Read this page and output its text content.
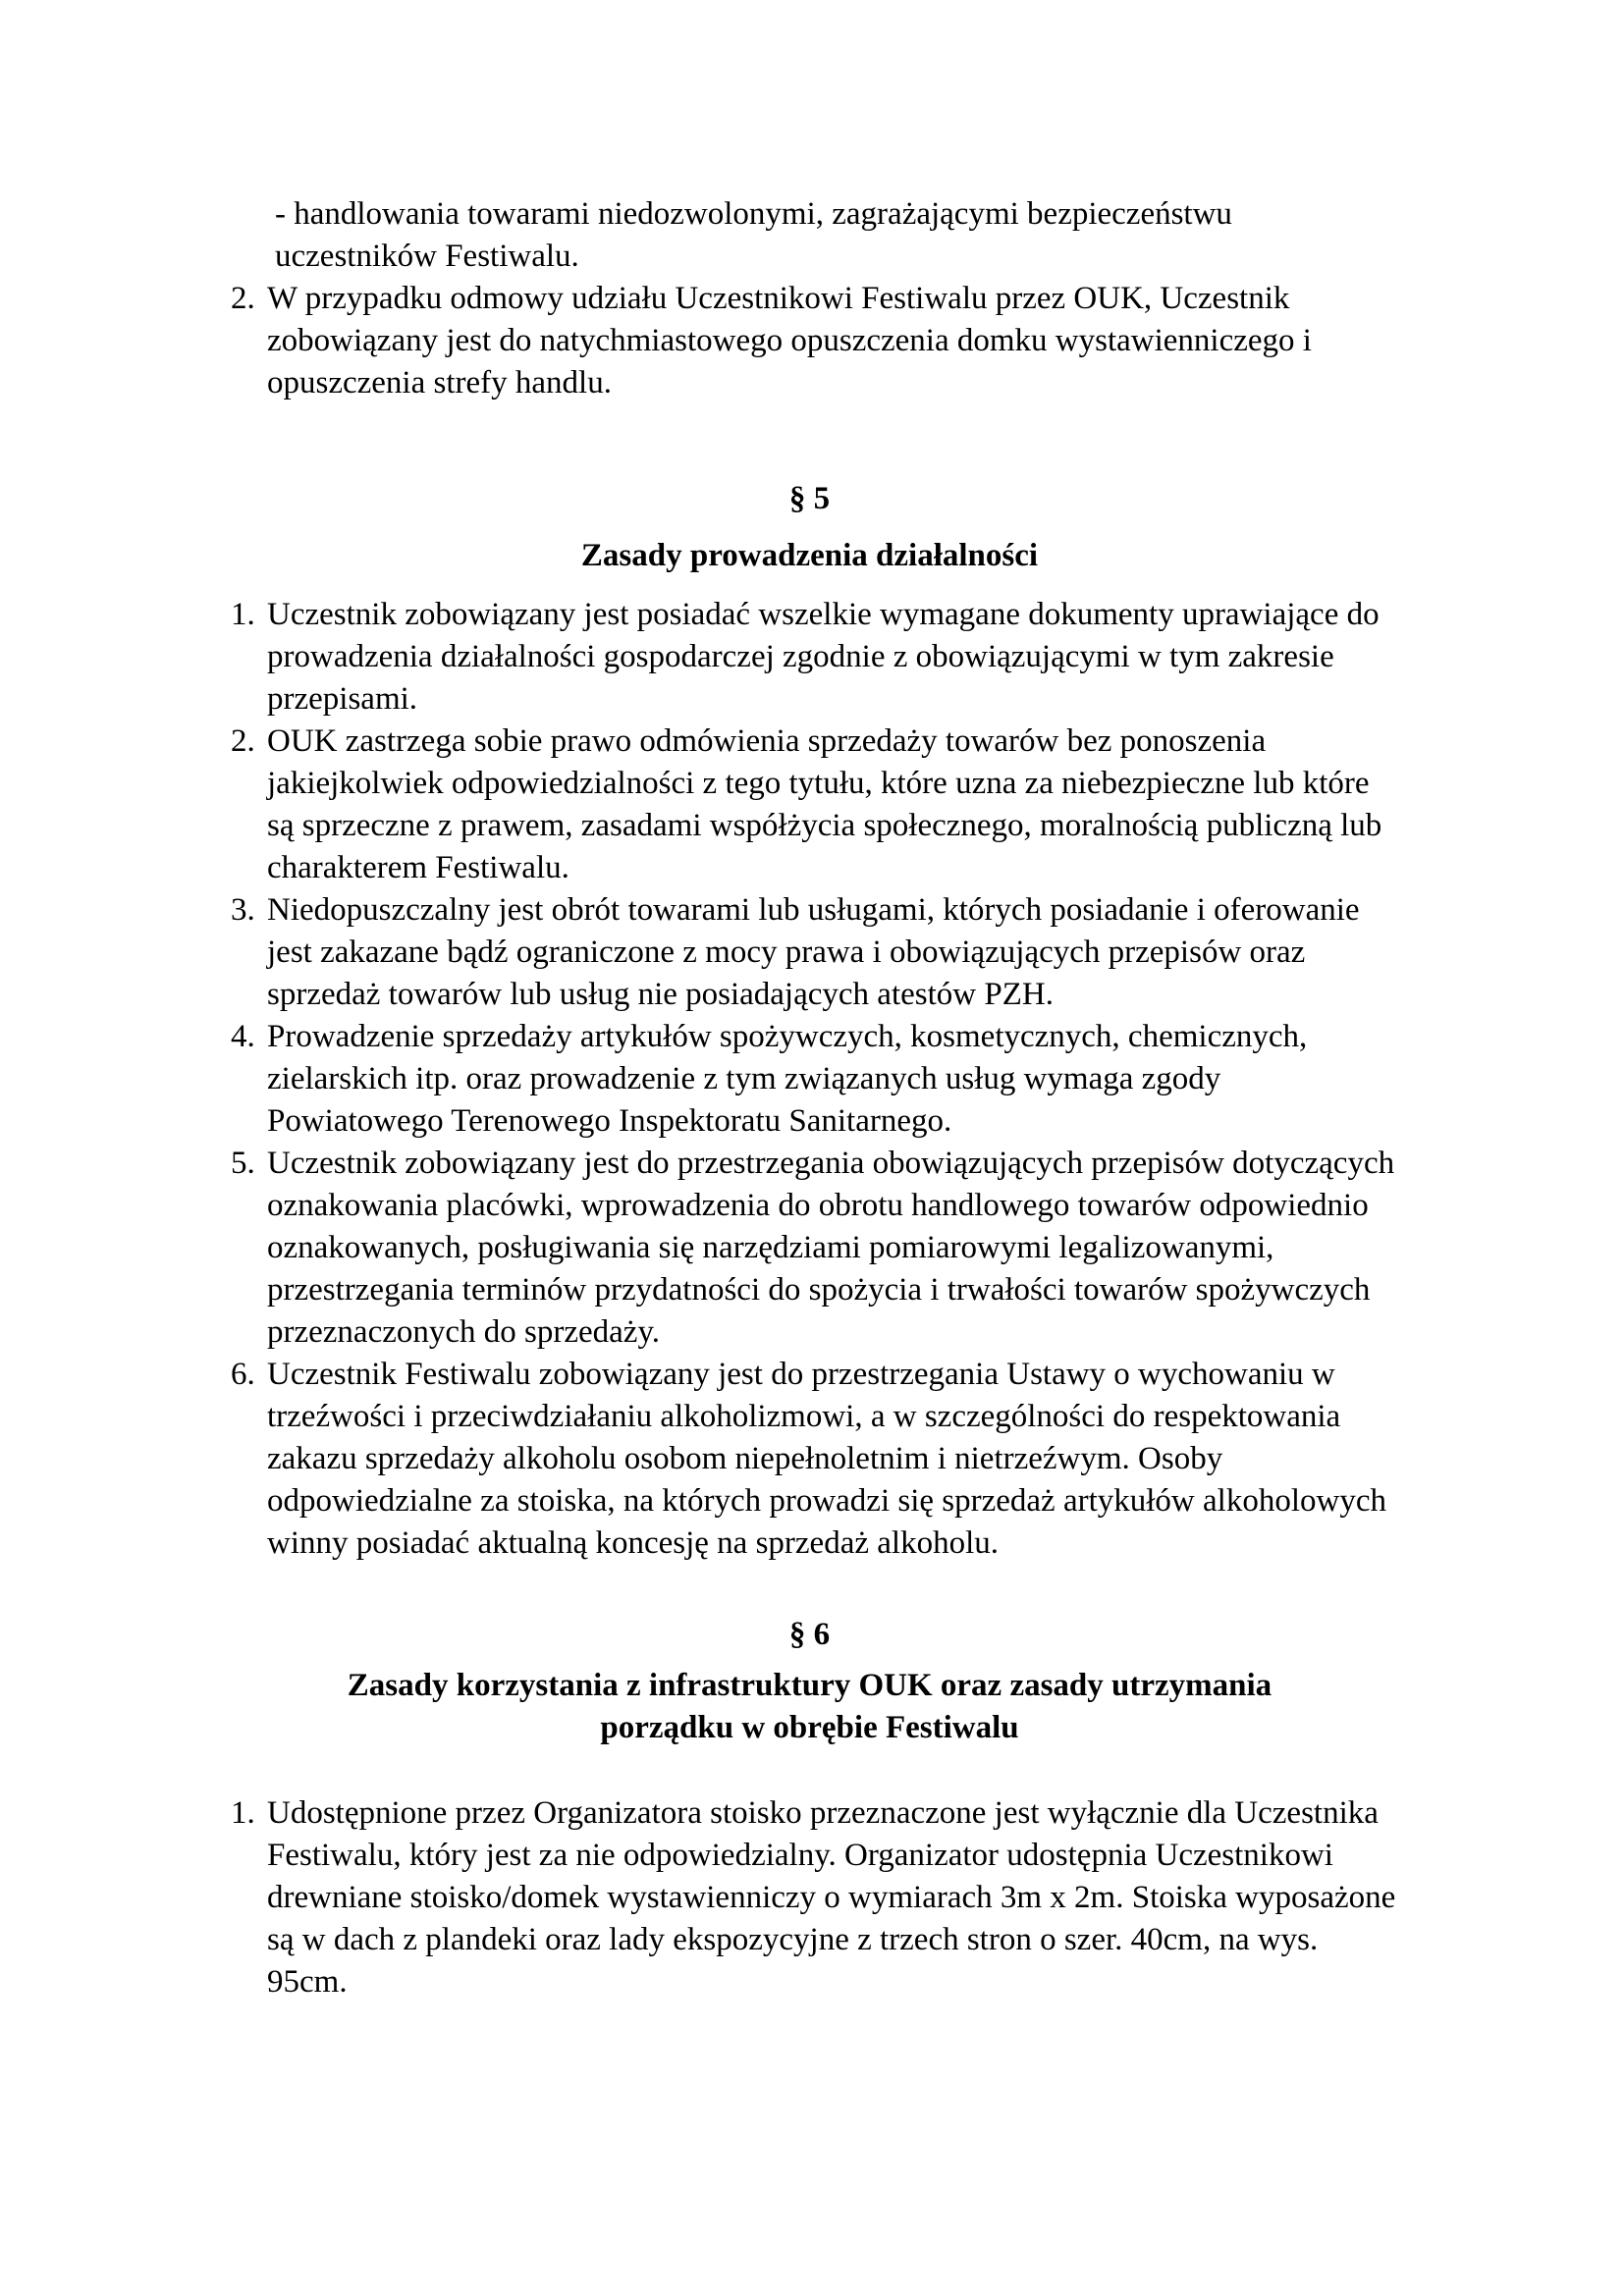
- handlowania towarami niedozwolonymi, zagrażającymi bezpieczeństwu uczestników Festiwalu.
2. W przypadku odmowy udziału Uczestnikowi Festiwalu przez OUK, Uczestnik zobowiązany jest do natychmiastowego opuszczenia domku wystawienniczego i opuszczenia strefy handlu.
§ 5
Zasady prowadzenia działalności
1. Uczestnik zobowiązany jest posiadać wszelkie wymagane dokumenty uprawiające do prowadzenia działalności gospodarczej zgodnie z obowiązującymi w tym zakresie przepisami.
2. OUK zastrzega sobie prawo odmówienia sprzedaży towarów bez ponoszenia jakiejkolwiek odpowiedzialności z tego tytułu, które uzna za niebezpieczne lub które są sprzeczne z prawem, zasadami współżycia społecznego, moralnością publiczną lub charakterem Festiwalu.
3. Niedopuszczalny jest obrót towarami lub usługami, których posiadanie i oferowanie jest zakazane bądź ograniczone z mocy prawa i obowiązujących przepisów oraz sprzedaż towarów lub usług nie posiadających atestów PZH.
4. Prowadzenie sprzedaży artykułów spożywczych, kosmetycznych, chemicznych, zielarskich itp. oraz prowadzenie z tym związanych usług wymaga zgody Powiatowego Terenowego Inspektoratu Sanitarnego.
5. Uczestnik zobowiązany jest do przestrzegania obowiązujących przepisów dotyczących oznakowania placówki, wprowadzenia do obrotu handlowego towarów odpowiednio oznakowanych, posługiwania się narzędziami pomiarowymi legalizowanymi, przestrzegania terminów przydatności do spożycia i trwałości towarów spożywczych przeznaczonych do sprzedaży.
6. Uczestnik Festiwalu zobowiązany jest do przestrzegania Ustawy o wychowaniu w trzeźwości i przeciwdziałaniu alkoholizmowi, a w szczególności do respektowania zakazu sprzedaży alkoholu osobom niepełnoletnim i nietrzeźwym. Osoby odpowiedzialne za stoiska, na których prowadzi się sprzedaż artykułów alkoholowych winny posiadać aktualną koncesję na sprzedaż alkoholu.
§ 6
Zasady korzystania z infrastruktury OUK oraz zasady utrzymania
porządku w obrębie Festiwalu
1. Udostępnione przez Organizatora stoisko przeznaczone jest wyłącznie dla Uczestnika Festiwalu, który jest za nie odpowiedzialny. Organizator udostępnia Uczestnikowi drewniane stoisko/domek wystawienniczy o wymiarach 3m x 2m. Stoiska wyposażone są w dach z plandeki oraz lady ekspozycyjne z trzech stron o szer. 40cm, na wys. 95cm.
